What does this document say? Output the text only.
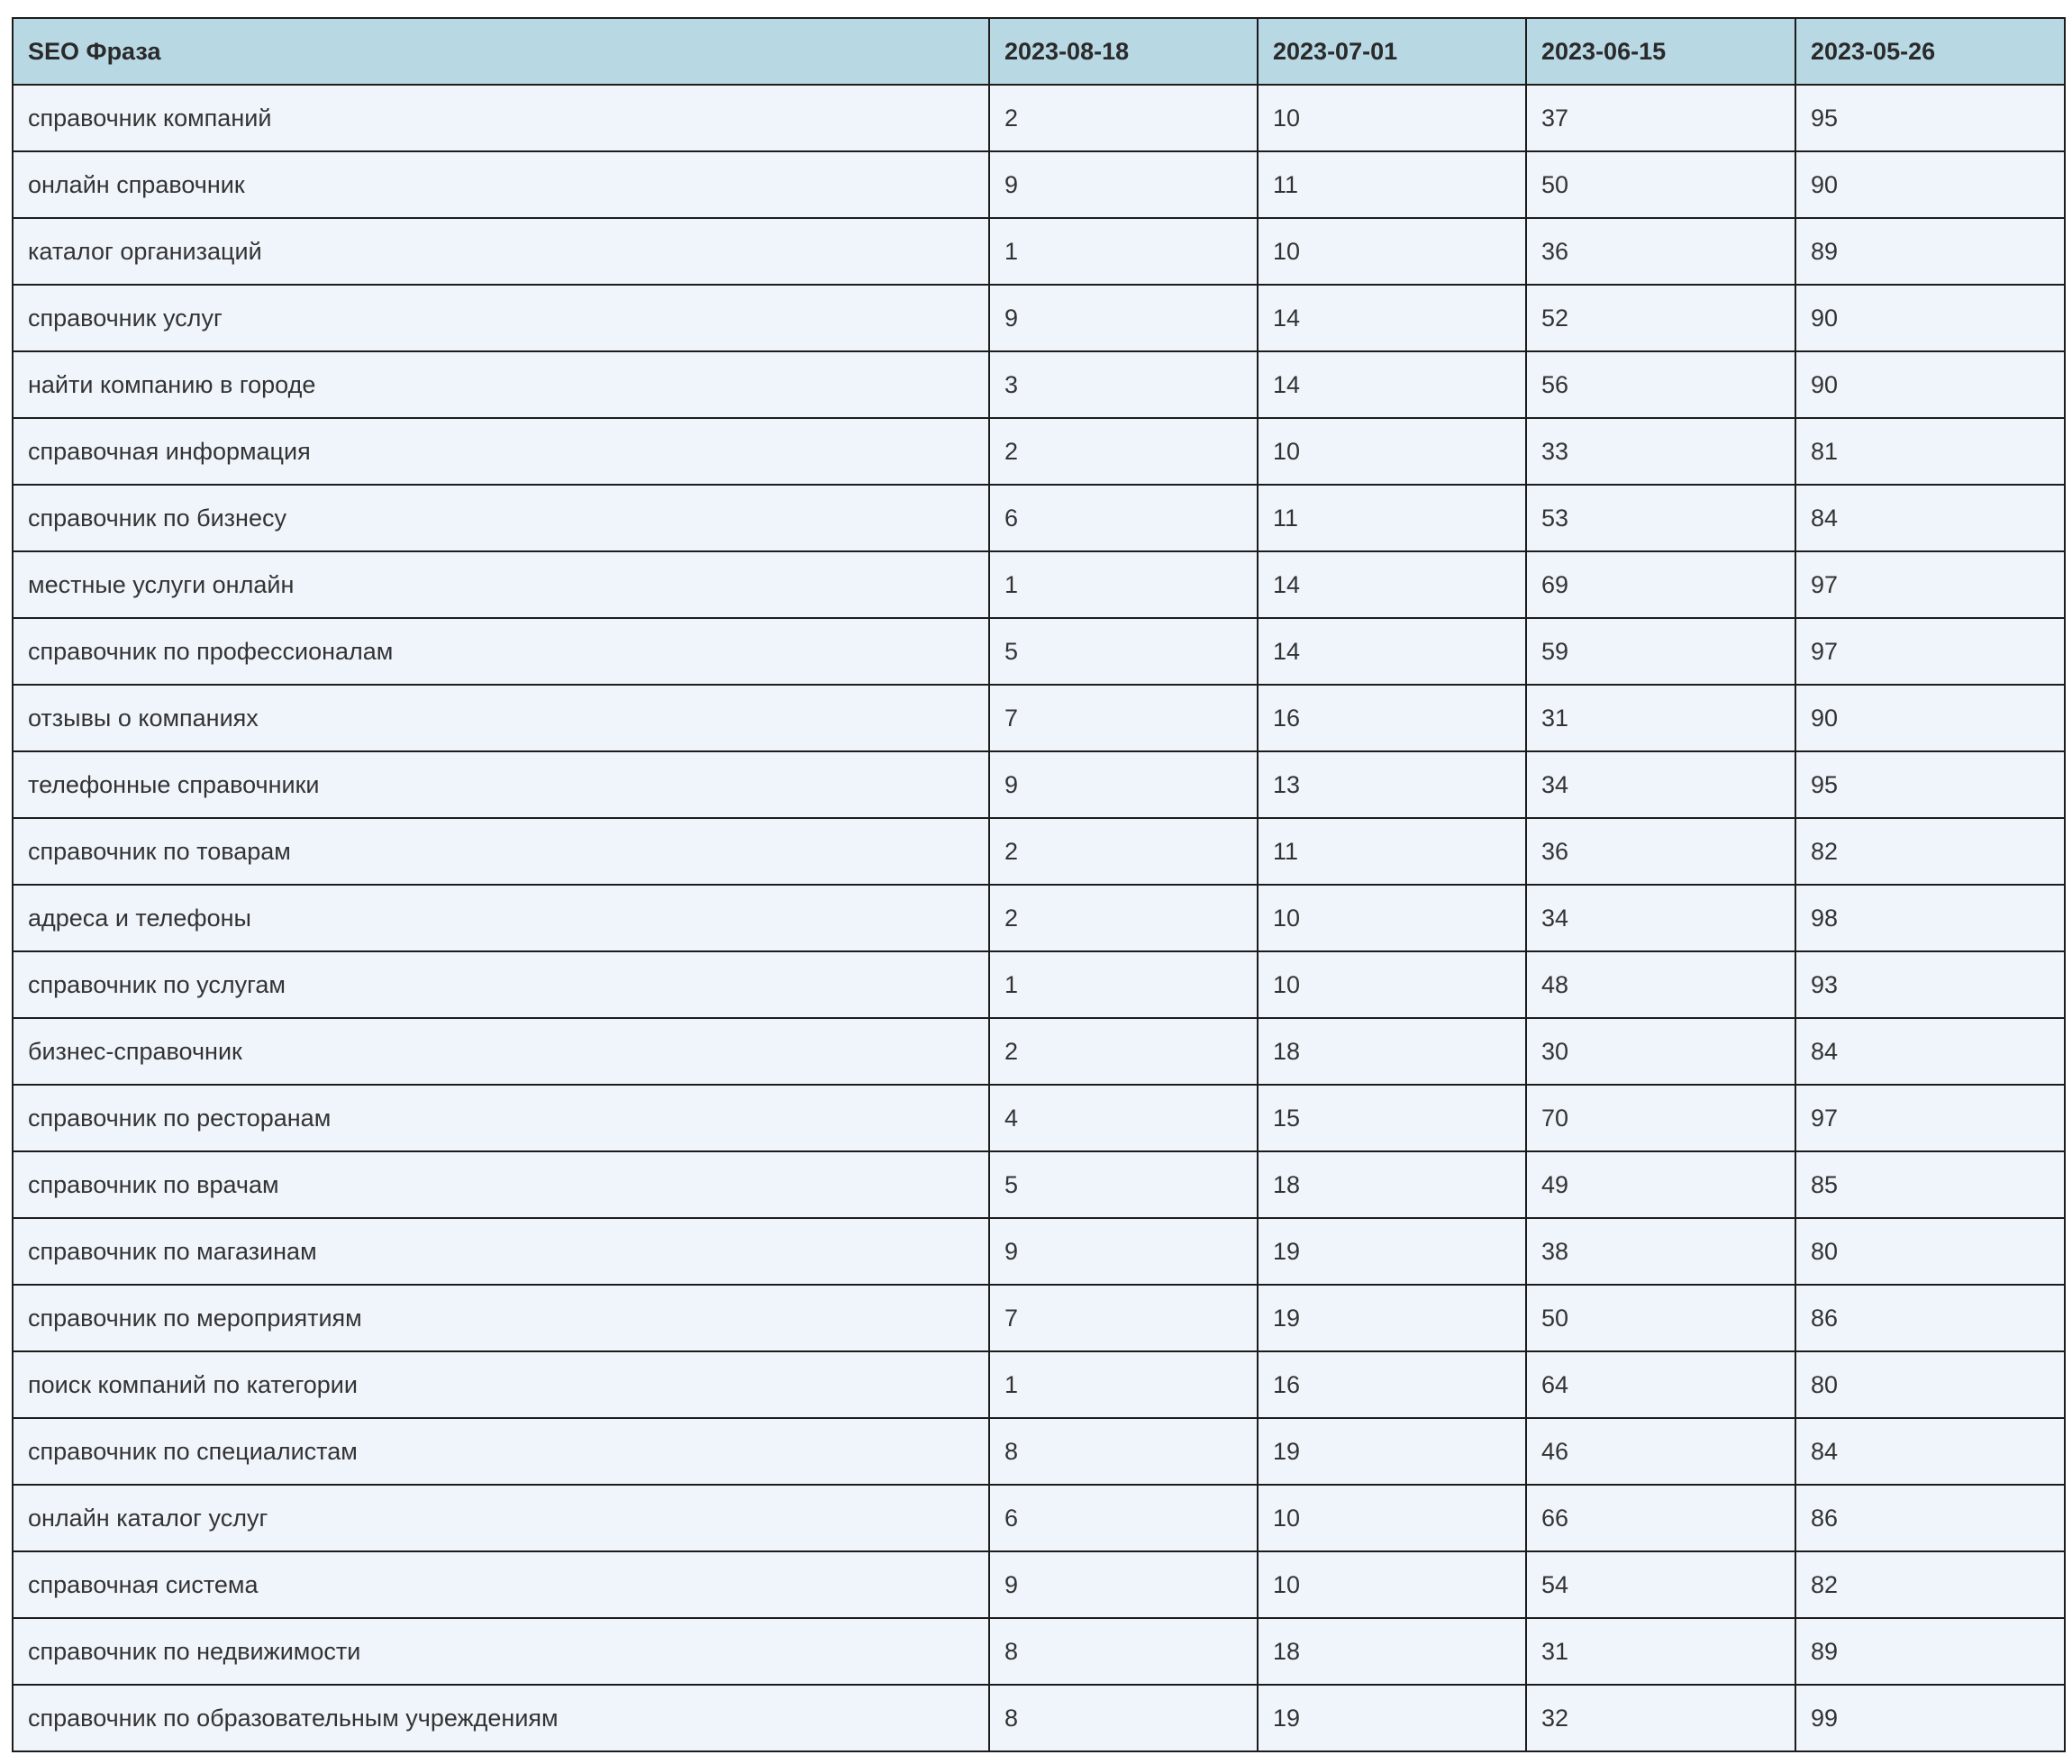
SEO Фраза	2023-08-18	2023-07-01	2023-06-15	2023-05-26
справочник компаний	2	10	37	95
онлайн справочник	9	11	50	90
каталог организаций	1	10	36	89
справочник услуг	9	14	52	90
найти компанию в городе	3	14	56	90
справочная информация	2	10	33	81
справочник по бизнесу	6	11	53	84
местные услуги онлайн	1	14	69	97
справочник по профессионалам	5	14	59	97
отзывы о компаниях	7	16	31	90
телефонные справочники	9	13	34	95
справочник по товарам	2	11	36	82
адреса и телефоны	2	10	34	98
справочник по услугам	1	10	48	93
бизнес-справочник	2	18	30	84
справочник по ресторанам	4	15	70	97
справочник по врачам	5	18	49	85
справочник по магазинам	9	19	38	80
справочник по мероприятиям	7	19	50	86
поиск компаний по категории	1	16	64	80
справочник по специалистам	8	19	46	84
онлайн каталог услуг	6	10	66	86
справочная система	9	10	54	82
справочник по недвижимости	8	18	31	89
справочник по образовательным учреждениям	8	19	32	99
